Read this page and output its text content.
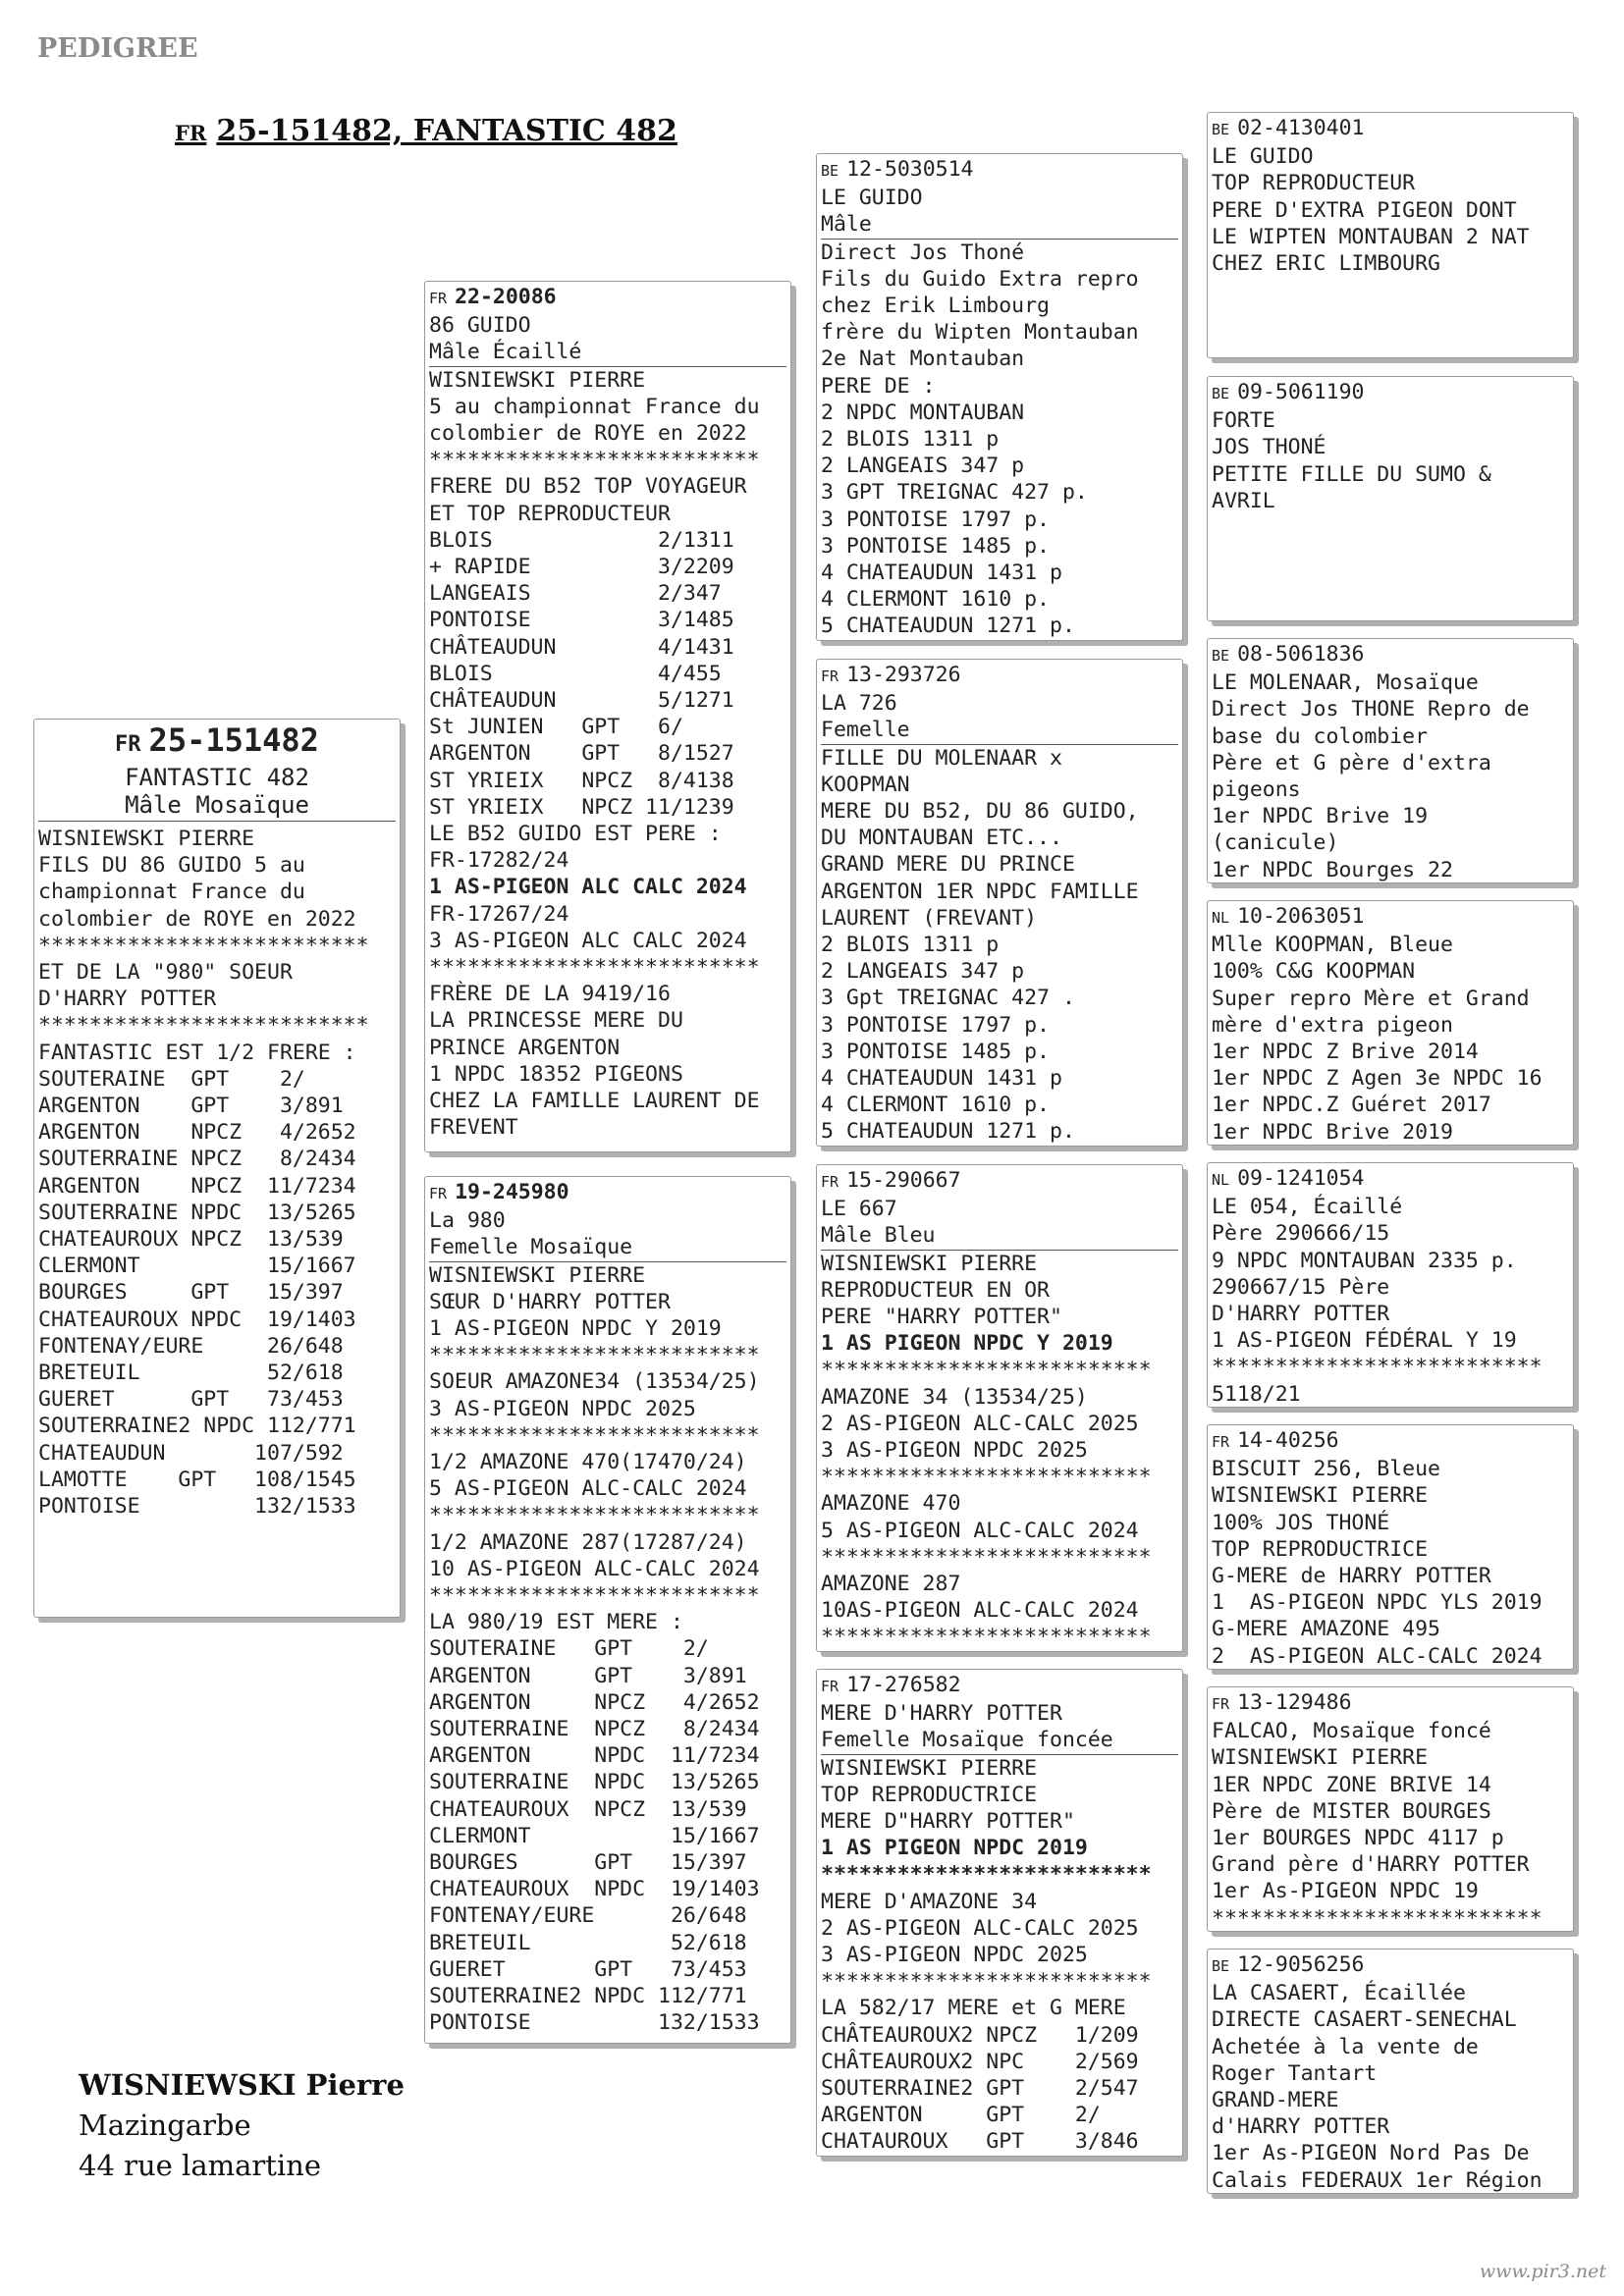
PEDIGREE
FR 25-151482, FANTASTIC 482
FR 25-151482
FANTASTIC 482
Mâle Mosaïque
WISNIEWSKI PIERRE
FILS DU 86 GUIDO 5 au
championnat France du
colombier de ROYE en 2022
**************************
ET DE LA "980" SOEUR
D'HARRY POTTER
**************************
FANTASTIC EST 1/2 FRERE :
SOUTERAINE  GPT    2/
ARGENTON    GPT    3/891
ARGENTON    NPCZ   4/2652
SOUTERRAINE NPCZ   8/2434
ARGENTON    NPCZ  11/7234
SOUTERRAINE NPDC  13/5265
CHATEAUROUX NPCZ  13/539
CLERMONT          15/1667
BOURGES     GPT   15/397
CHATEAUROUX NPDC  19/1403
FONTENAY/EURE     26/648
BRETEUIL          52/618
GUERET      GPT   73/453
SOUTERRAINE2 NPDC 112/771
CHATEAUDUN       107/592
LAMOTTE    GPT   108/1545
PONTOISE         132/1533
FR 22-20086
86 GUIDO
Mâle Écaillé
WISNIEWSKI PIERRE
5 au championnat France du
colombier de ROYE en 2022
**************************
FRERE DU B52 TOP VOYAGEUR
ET TOP REPRODUCTEUR
BLOIS             2/1311
+ RAPIDE          3/2209
LANGEAIS          2/347
PONTOISE          3/1485
CHÂTEAUDUN        4/1431
BLOIS             4/455
CHÂTEAUDUN        5/1271
St JUNIEN   GPT   6/
ARGENTON    GPT   8/1527
ST YRIEIX   NPCZ  8/4138
ST YRIEIX   NPCZ 11/1239
LE B52 GUIDO EST PERE :
FR-17282/24
1 AS-PIGEON ALC CALC 2024
FR-17267/24
3 AS-PIGEON ALC CALC 2024
**************************
FRÈRE DE LA 9419/16
LA PRINCESSE MERE DU
PRINCE ARGENTON
1 NPDC 18352 PIGEONS
CHEZ LA FAMILLE LAURENT DE
FREVENT
FR 19-245980
La 980
Femelle Mosaïque
WISNIEWSKI PIERRE
SŒUR D'HARRY POTTER
1 AS-PIGEON NPDC Y 2019
**************************
SOEUR AMAZONE34 (13534/25)
3 AS-PIGEON NPDC 2025
**************************
1/2 AMAZONE 470(17470/24)
5 AS-PIGEON ALC-CALC 2024
**************************
1/2 AMAZONE 287(17287/24)
10 AS-PIGEON ALC-CALC 2024
**************************
LA 980/19 EST MERE :
SOUTERAINE   GPT    2/
ARGENTON     GPT    3/891
ARGENTON     NPCZ   4/2652
SOUTERRAINE  NPCZ   8/2434
ARGENTON     NPDC  11/7234
SOUTERRAINE  NPDC  13/5265
CHATEAUROUX  NPCZ  13/539
CLERMONT           15/1667
BOURGES      GPT   15/397
CHATEAUROUX  NPDC  19/1403
FONTENAY/EURE      26/648
BRETEUIL           52/618
GUERET       GPT   73/453
SOUTERRAINE2 NPDC 112/771
PONTOISE          132/1533
BE 12-5030514
LE GUIDO
Mâle
Direct Jos Thoné
Fils du Guido Extra repro
chez Erik Limbourg
frère du Wipten Montauban
2e Nat Montauban
PERE DE :
2 NPDC MONTAUBAN
2 BLOIS 1311 p
2 LANGEAIS 347 p
3 GPT TREIGNAC 427 p.
3 PONTOISE 1797 p.
3 PONTOISE 1485 p.
4 CHATEAUDUN 1431 p
4 CLERMONT 1610 p.
5 CHATEAUDUN 1271 p.
FR 13-293726
LA 726
Femelle
FILLE DU MOLENAAR x
KOOPMAN
MERE DU B52, DU 86 GUIDO,
DU MONTAUBAN ETC...
GRAND MERE DU PRINCE
ARGENTON 1ER NPDC FAMILLE
LAURENT (FREVANT)
2 BLOIS 1311 p
2 LANGEAIS 347 p
3 Gpt TREIGNAC 427 .
3 PONTOISE 1797 p.
3 PONTOISE 1485 p.
4 CHATEAUDUN 1431 p
4 CLERMONT 1610 p.
5 CHATEAUDUN 1271 p.
FR 15-290667
LE 667
Mâle Bleu
WISNIEWSKI PIERRE
REPRODUCTEUR EN OR
PERE "HARRY POTTER"
1 AS PIGEON NPDC Y 2019
**************************
AMAZONE 34 (13534/25)
2 AS-PIGEON ALC-CALC 2025
3 AS-PIGEON NPDC 2025
**************************
AMAZONE 470
5 AS-PIGEON ALC-CALC 2024
**************************
AMAZONE 287
10AS-PIGEON ALC-CALC 2024
**************************
FR 17-276582
MERE D'HARRY POTTER
Femelle Mosaïque foncée
WISNIEWSKI PIERRE
TOP REPRODUCTRICE
MERE D"HARRY POTTER"
1 AS PIGEON NPDC 2019
**************************
MERE D'AMAZONE 34
2 AS-PIGEON ALC-CALC 2025
3 AS-PIGEON NPDC 2025
**************************
LA 582/17 MERE et G MERE
CHÂTEAUROUX2 NPCZ   1/209
CHÂTEAUROUX2 NPC    2/569
SOUTERRAINE2 GPT    2/547
ARGENTON     GPT    2/
CHATAUROUX   GPT    3/846
BE 02-4130401
LE GUIDO
TOP REPRODUCTEUR
PERE D'EXTRA PIGEON DONT
LE WIPTEN MONTAUBAN 2 NAT
CHEZ ERIC LIMBOURG
BE 09-5061190
FORTE
JOS THONÉ
PETITE FILLE DU SUMO &
AVRIL
BE 08-5061836
LE MOLENAAR, Mosaïque
Direct Jos THONE Repro de
base du colombier
Père et G père d'extra
pigeons
1er NPDC Brive 19
(canicule)
1er NPDC Bourges 22
NL 10-2063051
Mlle KOOPMAN, Bleue
100% C&G KOOPMAN
Super repro Mère et Grand
mère d'extra pigeon
1er NPDC Z Brive 2014
1er NPDC Z Agen 3e NPDC 16
1er NPDC.Z Guéret 2017
1er NPDC Brive 2019
NL 09-1241054
LE 054, Écaillé
Père 290666/15
9 NPDC MONTAUBAN 2335 p.
290667/15 Père
D'HARRY POTTER
1 AS-PIGEON FÉDÉRAL Y 19
**************************
5118/21
FR 14-40256
BISCUIT 256, Bleue
WISNIEWSKI PIERRE
100% JOS THONÉ
TOP REPRODUCTRICE
G-MERE de HARRY POTTER
1  AS-PIGEON NPDC YLS 2019
G-MERE AMAZONE 495
2  AS-PIGEON ALC-CALC 2024
FR 13-129486
FALCAO, Mosaïque foncé
WISNIEWSKI PIERRE
1ER NPDC ZONE BRIVE 14
Père de MISTER BOURGES
1er BOURGES NPDC 4117 p
Grand père d'HARRY POTTER
1er As-PIGEON NPDC 19
**************************
BE 12-9056256
LA CASAERT, Écaillée
DIRECTE CASAERT-SENECHAL
Achetée à la vente de
Roger Tantart
GRAND-MERE
d'HARRY POTTER
1er As-PIGEON Nord Pas De
Calais FEDERAUX 1er Région
WISNIEWSKI Pierre
Mazingarbe
44 rue lamartine
www.pir3.net
